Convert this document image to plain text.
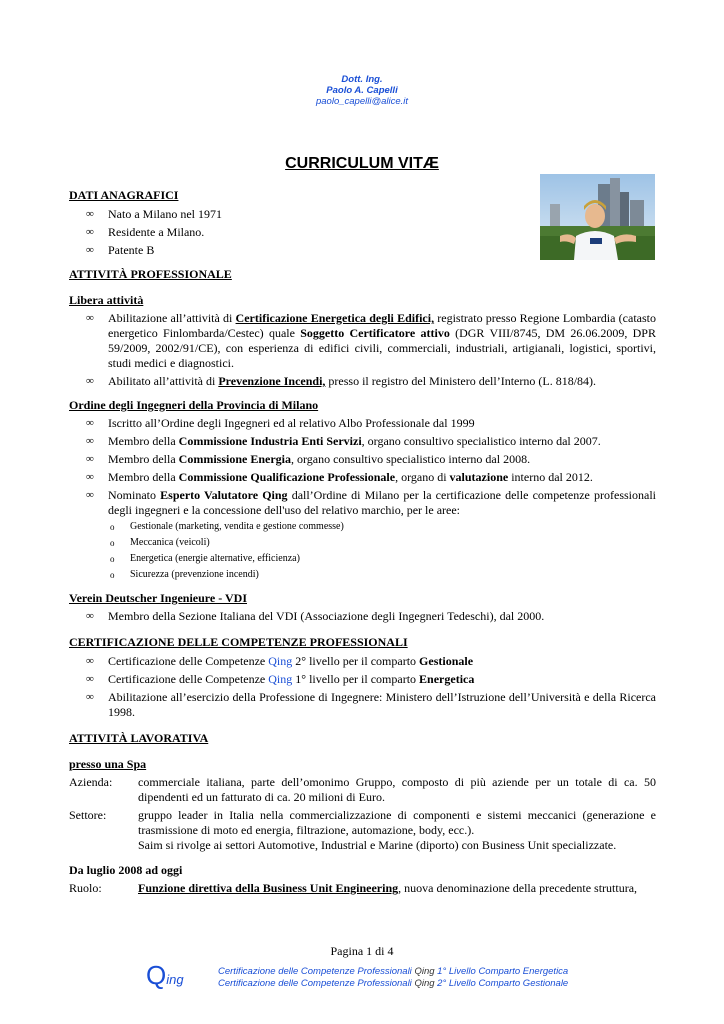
Dott. Ing.
Paolo A. Capelli
paolo_capelli@alice.it
CURRICULUM VITÆ
DATI ANAGRAFICI
∞ Nato a Milano nel 1971
∞ Residente a Milano.
∞ Patente B
ATTIVITÀ PROFESSIONALE
Libera attività
∞ Abilitazione all’attività di Certificazione Energetica degli Edifici, registrato presso Regione Lombardia (catasto energetico Finlombarda/Cestec) quale Soggetto Certificatore attivo (DGR VIII/8745, DM 26.06.2009, DPR 59/2009, 2002/91/CE), con esperienza di edifici civili, commerciali, industriali, artigianali, logistici, sportivi, studi medici e diagnostici.
∞ Abilitato all’attività di Prevenzione Incendi, presso il registro del Ministero dell’Interno (L. 818/84).
Ordine degli Ingegneri della Provincia di Milano
∞ Iscritto all’Ordine degli Ingegneri ed al relativo Albo Professionale dal 1999
∞ Membro della Commissione Industria Enti Servizi, organo consultivo specialistico interno dal 2007.
∞ Membro della Commissione Energia, organo consultivo specialistico interno dal 2008.
∞ Membro della Commissione Qualificazione Professionale, organo di valutazione interno dal 2012.
∞ Nominato Esperto Valutatore Qing dall’Ordine di Milano per la certificazione delle competenze professionali degli ingegneri e la concessione dell'uso del relativo marchio, per le aree:
o Gestionale (marketing, vendita e gestione commesse)
o Meccanica (veicoli)
o Energetica (energie alternative, efficienza)
o Sicurezza (prevenzione incendi)
Verein Deutscher Ingenieure - VDI
∞ Membro della Sezione Italiana del VDI (Associazione degli Ingegneri Tedeschi), dal 2000.
CERTIFICAZIONE DELLE COMPETENZE PROFESSIONALI
∞ Certificazione delle Competenze Qing 2° livello per il comparto Gestionale
∞ Certificazione delle Competenze Qing 1° livello per il comparto Energetica
∞ Abilitazione all’esercizio della Professione di Ingegnere: Ministero dell’Istruzione dell’Università e della Ricerca 1998.
ATTIVITÀ LAVORATIVA
presso una Spa
Azienda:	commerciale italiana, parte dell’omonimo Gruppo, composto di più aziende per un totale di ca. 50 dipendenti ed un fatturato di ca. 20 milioni di Euro.
Settore:	gruppo leader in Italia nella commercializzazione di componenti e sistemi meccanici (generazione e trasmissione di moto ed energia, filtrazione, automazione, body, ecc.).
Saim si rivolge ai settori Automotive, Industrial e Marine (diporto) con Business Unit specializzate.
Da luglio 2008 ad oggi
Ruolo:	Funzione direttiva della Business Unit Engineering, nuova denominazione della precedente struttura,
Pagina 1 di 4
Qing
Certificazione delle Competenze Professionali Qing 1° Livello Comparto Energetica
Certificazione delle Competenze Professionali Qing 2° Livello Comparto Gestionale
